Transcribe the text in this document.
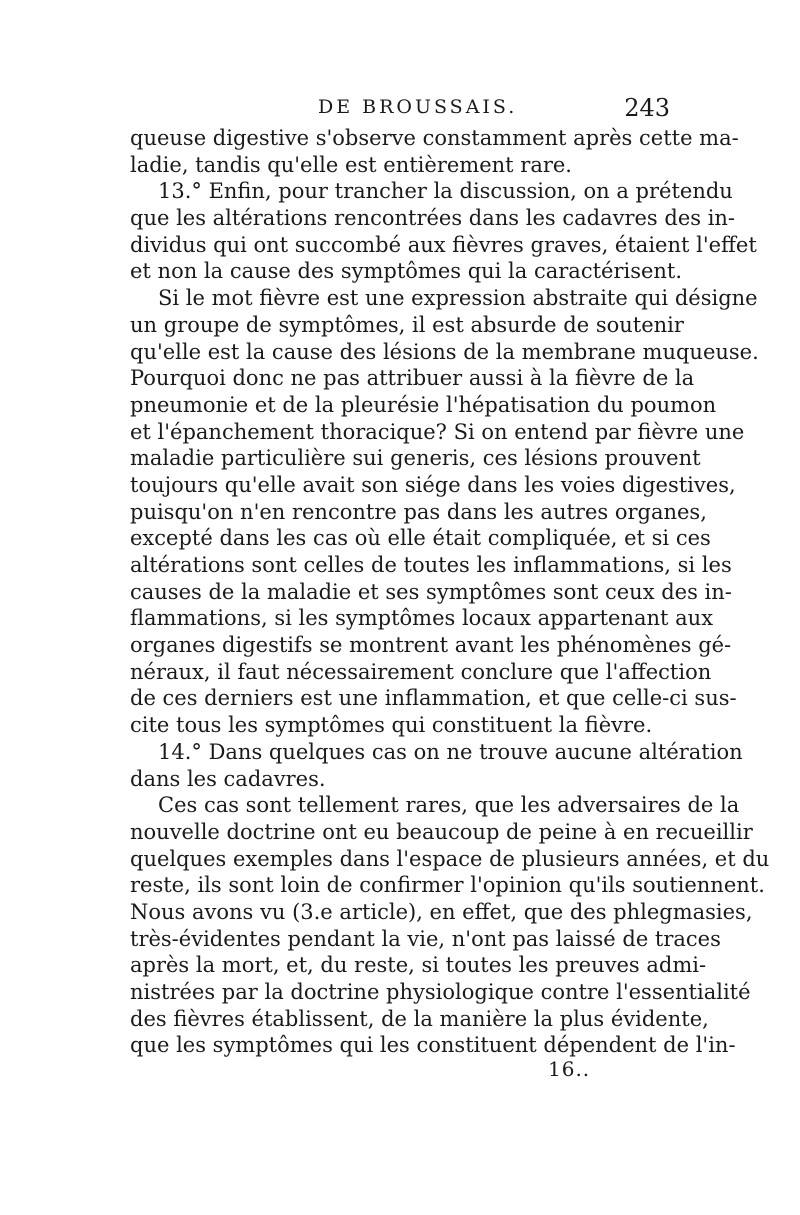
DE BROUSSAIS.	243
queuse digestive s'observe constamment après cette ma-
ladie, tandis qu'elle est entièrement rare.
13.° Enfin, pour trancher la discussion, on a prétendu
que les altérations rencontrées dans les cadavres des in-
dividus qui ont succombé aux fièvres graves, étaient l'effet
et non la cause des symptômes qui la caractérisent.
Si le mot fièvre est une expression abstraite qui désigne
un groupe de symptômes, il est absurde de soutenir
qu'elle est la cause des lésions de la membrane muqueuse.
Pourquoi donc ne pas attribuer aussi à la fièvre de la
pneumonie et de la pleurésie l'hépatisation du poumon
et l'épanchement thoracique? Si on entend par fièvre une
maladie particulière sui generis, ces lésions prouvent
toujours qu'elle avait son siége dans les voies digestives,
puisqu'on n'en rencontre pas dans les autres organes,
excepté dans les cas où elle était compliquée, et si ces
altérations sont celles de toutes les inflammations, si les
causes de la maladie et ses symptômes sont ceux des in-
flammations, si les symptômes locaux appartenant aux
organes digestifs se montrent avant les phénomènes gé-
néraux, il faut nécessairement conclure que l'affection
de ces derniers est une inflammation, et que celle-ci sus-
cite tous les symptômes qui constituent la fièvre.
14.° Dans quelques cas on ne trouve aucune altération
dans les cadavres.
Ces cas sont tellement rares, que les adversaires de la
nouvelle doctrine ont eu beaucoup de peine à en recueillir
quelques exemples dans l'espace de plusieurs années, et du
reste, ils sont loin de confirmer l'opinion qu'ils soutiennent.
Nous avons vu (3.e article), en effet, que des phlegmasies,
très-évidentes pendant la vie, n'ont pas laissé de traces
après la mort, et, du reste, si toutes les preuves admi-
nistrées par la doctrine physiologique contre l'essentialité
des fièvres établissent, de la manière la plus évidente,
que les symptômes qui les constituent dépendent de l'in-
16..
